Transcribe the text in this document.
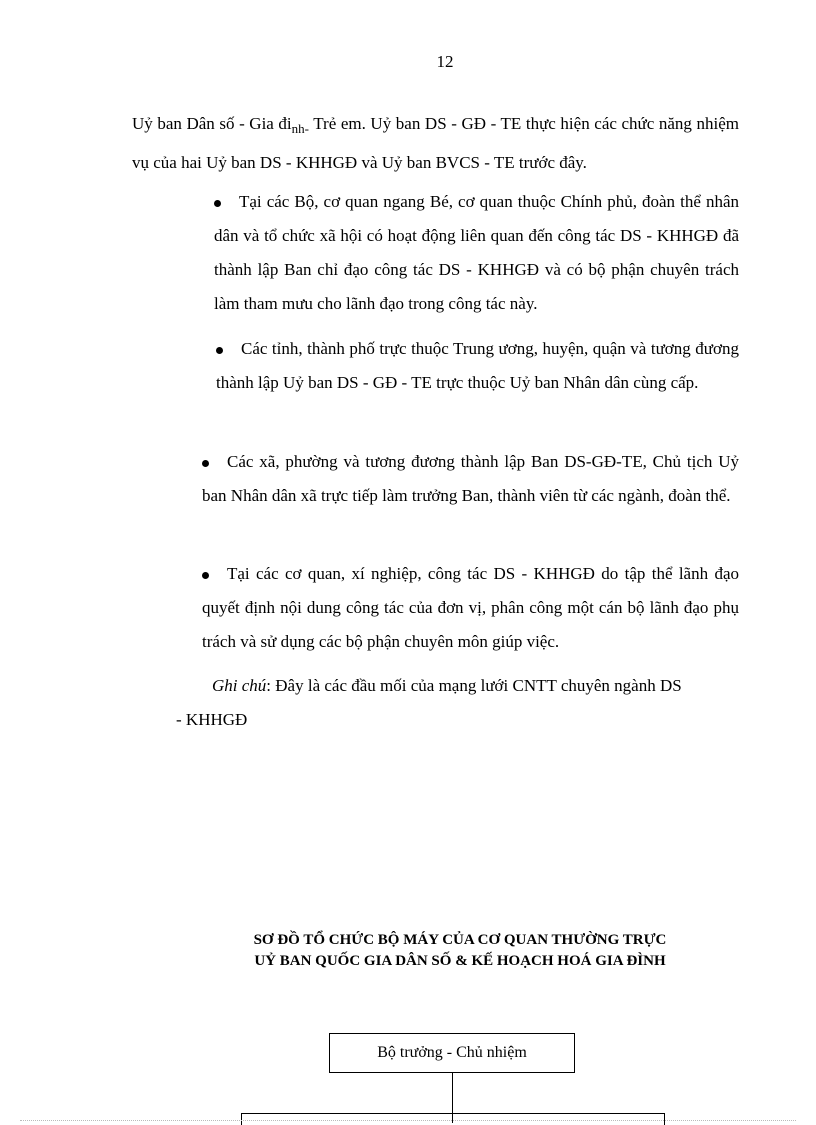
12
Uỷ ban Dân số - Gia $đi_{nh-}$ Trẻ em. Uỷ ban DS - GĐ - TE thực hiện các chức năng nhiệm vụ của hai Uỷ ban DS - KHHGĐ và Uỷ ban BVCS - TE trước đây.
Tại các Bộ, cơ quan ngang Bé, cơ quan thuộc Chính phủ, đoàn thể nhân dân và tổ chức xã hội có hoạt động liên quan đến công tác DS - KHHGĐ đã thành lập Ban chỉ đạo công tác DS - KHHGĐ và có bộ phận chuyên trách làm tham mưu cho lãnh đạo trong công tác này.
Các tỉnh, thành phố trực thuộc Trung ương, huyện, quận và tương đương thành lập Uỷ ban DS - GĐ - TE trực thuộc Uỷ ban Nhân dân cùng cấp.
Các xã, phường và tương đương thành lập Ban DS-GĐ-TE, Chủ tịch Uỷ ban Nhân dân xã trực tiếp làm trưởng Ban, thành viên từ các ngành, đoàn thể.
Tại các cơ quan, xí nghiệp, công tác DS - KHHGĐ do tập thể lãnh đạo quyết định nội dung công tác của đơn vị, phân công một cán bộ lãnh đạo phụ trách và sử dụng các bộ phận chuyên môn giúp việc.
Ghi chú: Đây là các đầu mối của mạng lưới CNTT chuyên ngành DS
- KHHGĐ
SƠ ĐỒ TỔ CHỨC BỘ MÁY CỦA CƠ QUAN THƯỜNG TRỰC
UỶ BAN QUỐC GIA DÂN SỐ & KẾ HOẠCH HOÁ GIA ĐÌNH
Bộ trưởng - Chủ nhiệm
